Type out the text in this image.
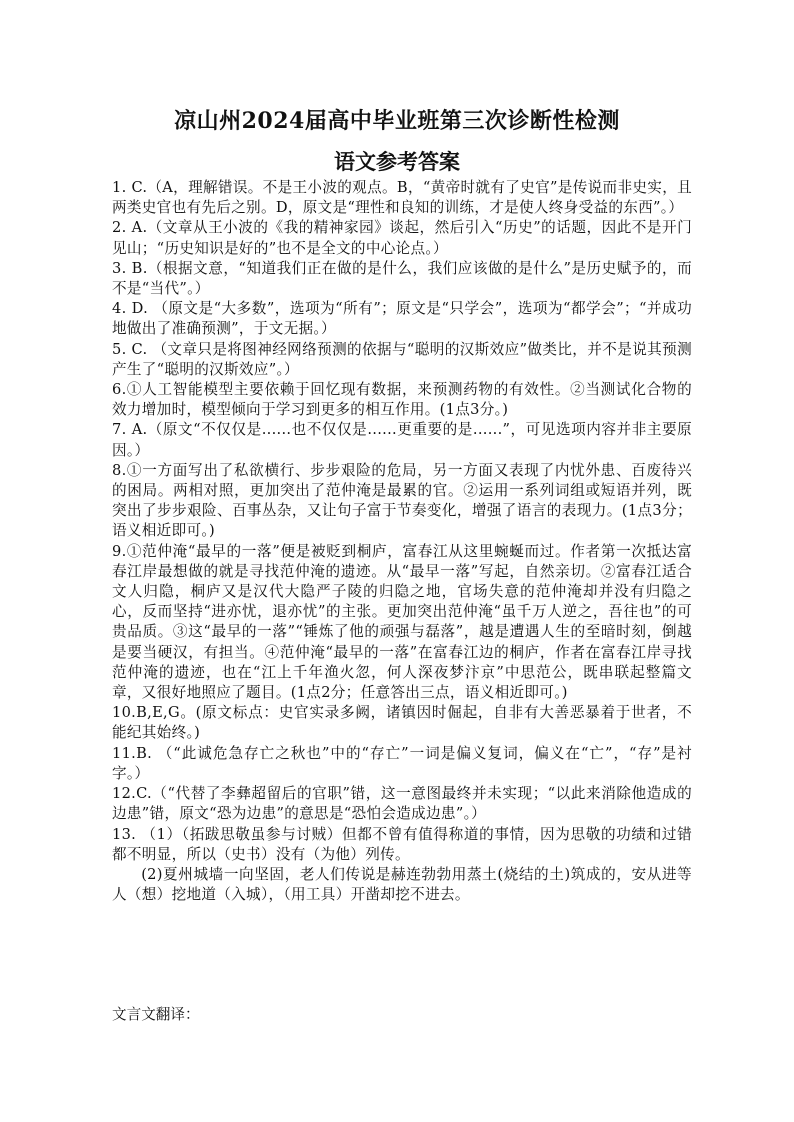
凉山州2024届高中毕业班第三次诊断性检测
语文参考答案

1. C.（A，理解错误。不是王小波的观点。B，“黄帝时就有了史官”是传说而非史实，且两类史官也有先后之别。D，原文是“理性和良知的训练，才是使人终身受益的东西”。）

2. A.（文章从王小波的《我的精神家园》谈起，然后引入“历史”的话题，因此不是开门见山；“历史知识是好的”也不是全文的中心论点。）

3. B.（根据文意，“知道我们正在做的是什么，我们应该做的是什么”是历史赋予的，而不是“当代”。）

4. D. （原文是“大多数”，选项为“所有”；原文是“只学会”，选项为“都学会”；“并成功地做出了准确预测”，于文无据。）

5. C. （文章只是将图神经网络预测的依据与“聪明的汉斯效应”做类比，并不是说其预测产生了“聪明的汉斯效应”。）

6.①人工智能模型主要依赖于回忆现有数据，来预测药物的有效性。②当测试化合物的效力增加时，模型倾向于学习到更多的相互作用。(1点3分。)

7. A.（原文“不仅仅是......也不仅仅是......更重要的是......”，可见选项内容并非主要原因。）

8.①一方面写出了私欲横行、步步艰险的危局，另一方面又表现了内忧外患、百废待兴的困局。两相对照，更加突出了范仲淹是最累的官。②运用一系列词组或短语并列，既突出了步步艰险、百事丛杂，又让句子富于节奏变化，增强了语言的表现力。(1点3分；语义相近即可。)

9.①范仲淹“最早的一落”便是被贬到桐庐，富春江从这里蜿蜒而过。作者第一次抵达富春江岸最想做的就是寻找范仲淹的遗迹。从“最早一落”写起，自然亲切。②富春江适合文人归隐，桐庐又是汉代大隐严子陵的归隐之地，官场失意的范仲淹却并没有归隐之心，反而坚持“进亦忧，退亦忧”的主张。更加突出范仲淹“虽千万人逆之，吾往也”的可贵品质。③这“最早的一落”“锤炼了他的顽强与磊落”，越是遭遇人生的至暗时刻，倒越是要当硬汉，有担当。④范仲淹“最早的一落”在富春江边的桐庐，作者在富春江岸寻找范仲淹的遗迹，也在“江上千年渔火忽，何人深夜梦汴京”中思范公，既串联起整篇文章，又很好地照应了题目。(1点2分；任意答出三点，语义相近即可。)

10.B,E,G。(原文标点：史官实录多阙，诸镇因时倔起，自非有大善恶暴着于世者，不能纪其始终。)

11.B. （“此诚危急存亡之秋也”中的“存亡”一词是偏义复词，偏义在“亡”，“存”是衬字。）

12.C.（“代替了李彝超留后的官职”错，这一意图最终并未实现；“以此来消除他造成的边患”错，原文“恐为边患”的意思是“恐怕会造成边患”。）

13. （1）（拓跋思敬虽参与讨贼）但都不曾有值得称道的事情，因为思敬的功绩和过错都不明显，所以（史书）没有（为他）列传。

(2)夏州城墙一向坚固，老人们传说是赫连勃勃用蒸土(烧结的土)筑成的，安从进等人（想）挖地道（入城），（用工具）开凿却挖不进去。

文言文翻译：
